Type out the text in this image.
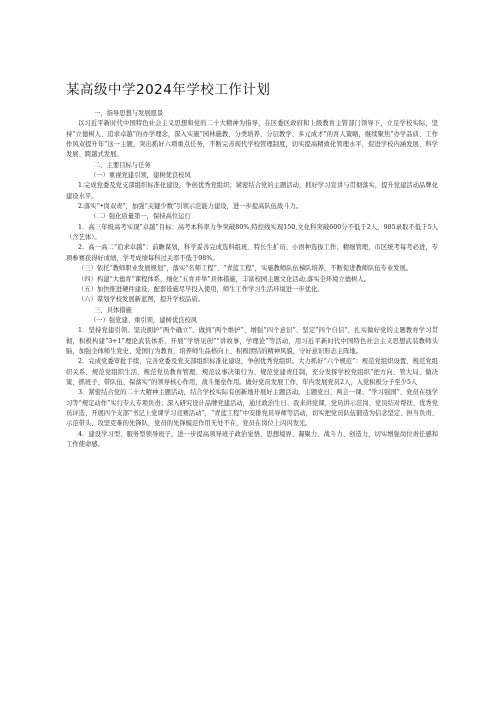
某高级中学2024年学校工作计划

一、指导思想与发展愿景

以习近平新时代中国特色社会主义思想和党的二十大精神为指导，在区委区政府和上级教育主管部门领导下，立足学校实际，坚持“立德树人、追求卓越”的办学理念，深入实施“园林施教、分类培养、分层教学、多元成才”的育人策略，继续聚焦“办学品质、工作作风双提升年”这一主题，突出抓好六项重点任务，不断完善现代学校管理制度，切实提高精致化管理水平，促进学校内涵发展、科学发展、跨越式发展。

二、主要目标与任务

（一）重视党建引领，建树优良校风

1.完成党委及党支部组织标准化建设，争创优秀党组织；紧密结合党的主题活动，抓好学习宣讲与贯彻落实，提升党建活动品牌化建设水平。

2.落实“•岗双责”，加强“关键少数”引领示范能力建设，进一步提高队伍战斗力。

（二）强化质量第一，保持高位运行

1．高三年级高考实现“卓越”目标：高考本科率力争突破80%,特控线实现150,文化科突破600分不低于2人，985录取不低于5人（含艺体）。

2．高一高二“追求卓越”：前瞻谋划，科学妥善完成选科组班、特长生扩员、小语种选拔工作；精细管理，市区统考每考必进，专项参赛获得好成绩，学考成绩每科过关率不低于98%。

（三）依托“教师职业发展规划”，落实“名师工程”、“青蓝工程”，实施教师队伍梯队培养，不断促进教师队伍专业发展。

（四）构建“大德育”课程体系，细化“五育并举”具体措施，丰富校园主题文化活动,落实全环境立德树人。

（五）加快推进硬件建设，配套设施尽早投入使用，师生工作学习生活环境进一步优化。

（六）谋划学校发展新蓝图，提升学校品质。

三、具体措施

（一）强党建、重引领，建树优良校风

1．坚持党建引领。坚决拥护“两个确立”、做到“两个维护”、增强“四个意识”、坚定“四个自信”，扎实做好党的主题教育学习贯彻，积极构建“3+1”理论武装体系，开展“学悟见创”“讲故事，学理论”等活动，用习近平新时代中国特色社会主义思想武装教师头脑，加强全体师生党史、爱国行为教育，培养师生品格向上、积极团结的精神风貌，守好意识形态主阵地。

2．完成党委审批手续，完善党委及党支部组织标准化建设，争创优秀党组织。大力抓好“六个规范”：规范党组织设置、规范党组织关系、规范党组织生活、规范党员教育管理、规范议事决策行为、规范党建责任制，充分发挥学校党组织“把方向、管大局、做决策、抓班子、带队伍、保落实”的领导核心作用，战斗堡垒作用。做好党员发展工作，年内发展党员2人，入党积极分子至少5人

3．紧密结合党的二十大精神主题活动，结合学校实际有创新地开展好主题活动。主题党日、两会一课、“学习强国”、党员在线学习等“规定动作”实行专人专项负责；深入研究设计品牌党建活动，通过政治生日、我来讲党课、党员讲示范岗、党员结对帮扶、优秀党员评选、开展四个支部“书记上党课学习竞赛活动”，“青蓝工程”中安排党员导师等活动，切实把党员队伍锻造为信念坚定、担当负责、示范带头、攻坚克难的先锋队，党员的先锋模范作用无处不在，党员在岗位上闪闪发光。

4．建设学习型、服务型领导班子，进一步提高领导班子政治觉悟、思想境界、凝聚力、战斗力、创造力，切实增强岗位责任感和工作使命感。
